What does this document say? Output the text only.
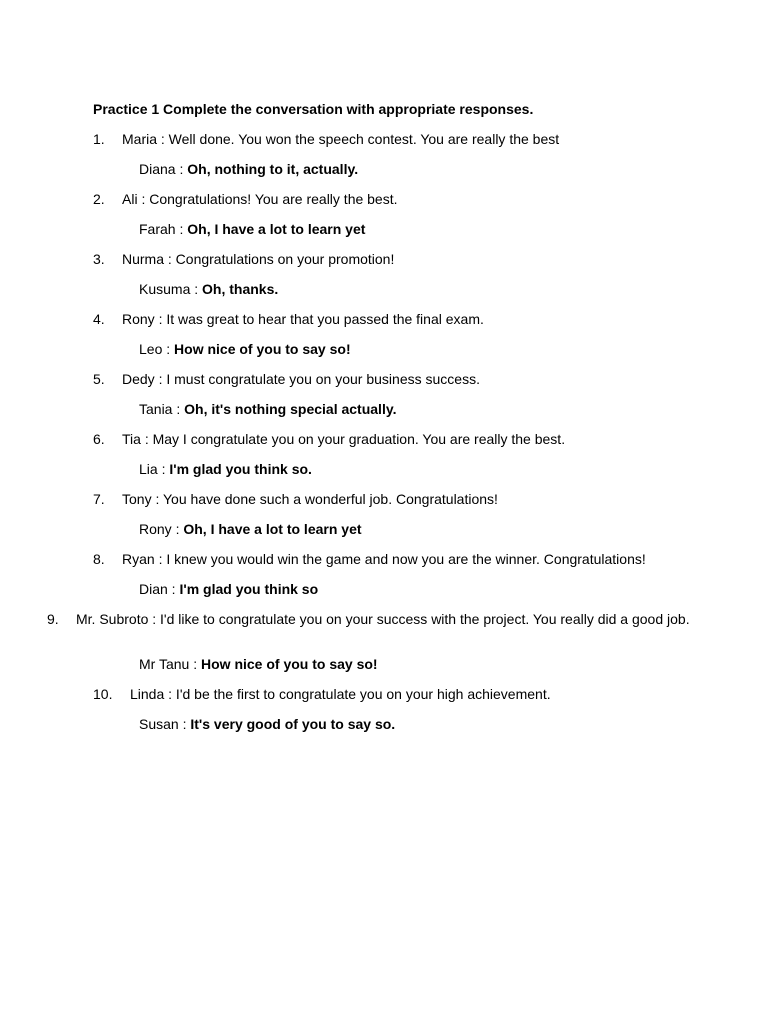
Practice 1 Complete the conversation with appropriate responses.
1. Maria : Well done. You won the speech contest. You are really the best
Diana : Oh, nothing to it, actually.
2. Ali : Congratulations! You are really the best.
Farah : Oh, I have a lot to learn yet
3. Nurma : Congratulations on your promotion!
Kusuma : Oh, thanks.
4. Rony : It was great to hear that you passed the final exam.
Leo : How nice of you to say so!
5. Dedy : I must congratulate you on your business success.
Tania : Oh, it's nothing special actually.
6. Tia : May I congratulate you on your graduation. You are really the best.
Lia : I'm glad you think so.
7. Tony : You have done such a wonderful job. Congratulations!
Rony : Oh, I have a lot to learn yet
8. Ryan : I knew you would win the game and now you are the winner. Congratulations!
Dian : I'm glad you think so
9.	Mr. Subroto : I'd like to congratulate you on your success with the project. You really did a good job.
Mr Tanu : How nice of you to say so!
10. Linda : I'd be the first to congratulate you on your high achievement.
Susan : It's very good of you to say so.
